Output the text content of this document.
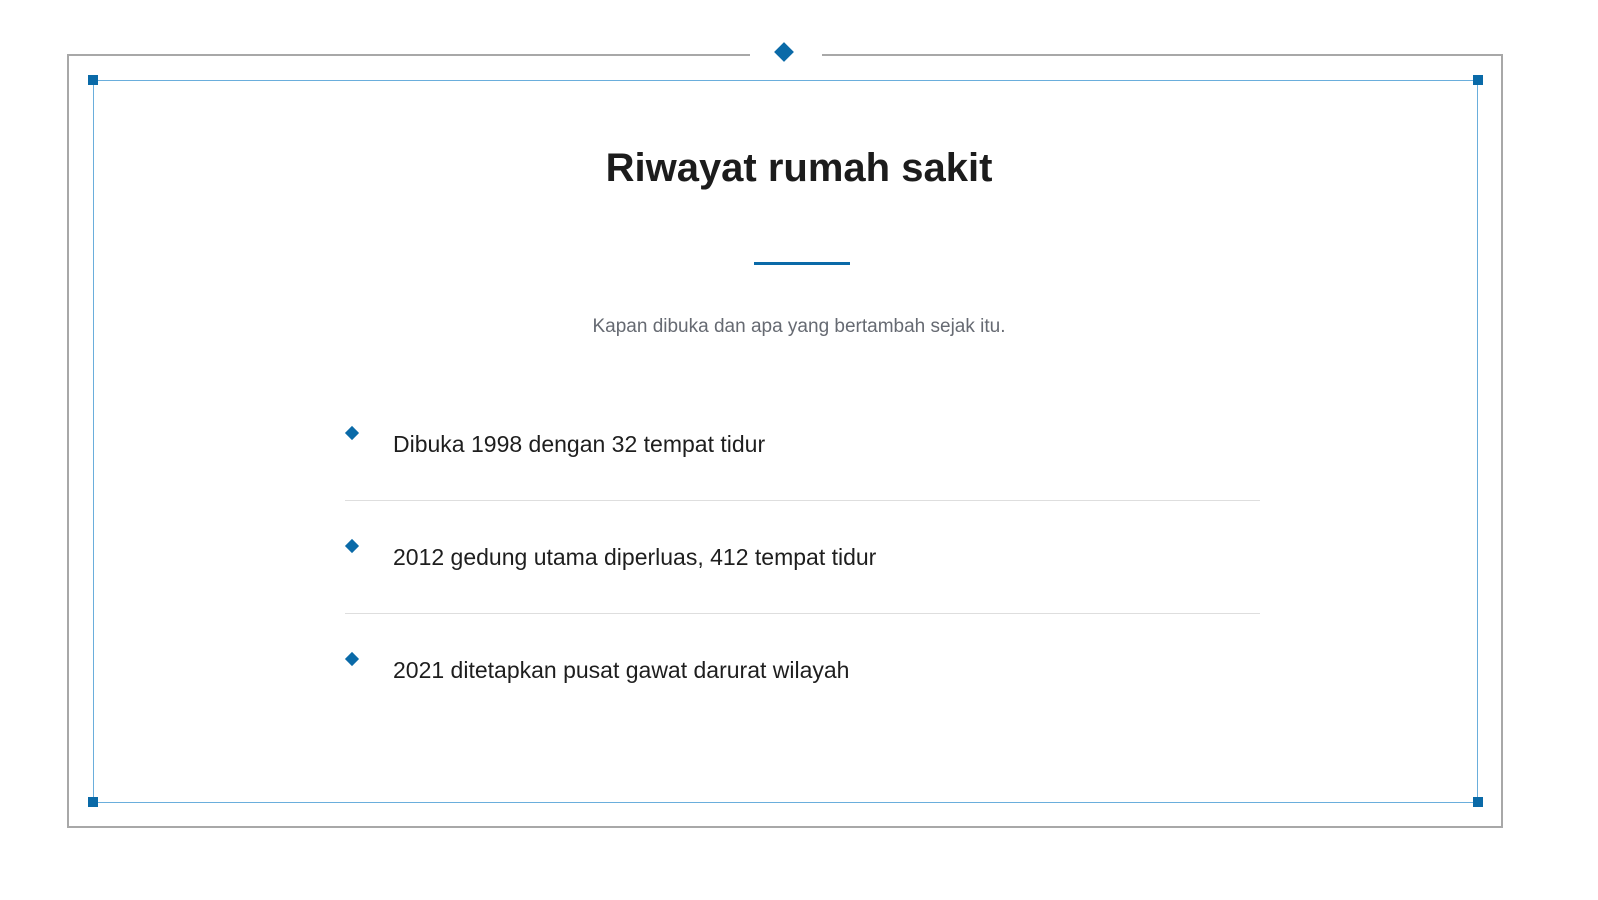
Riwayat rumah sakit
Kapan dibuka dan apa yang bertambah sejak itu.
Dibuka 1998 dengan 32 tempat tidur
2012 gedung utama diperluas, 412 tempat tidur
2021 ditetapkan pusat gawat darurat wilayah
